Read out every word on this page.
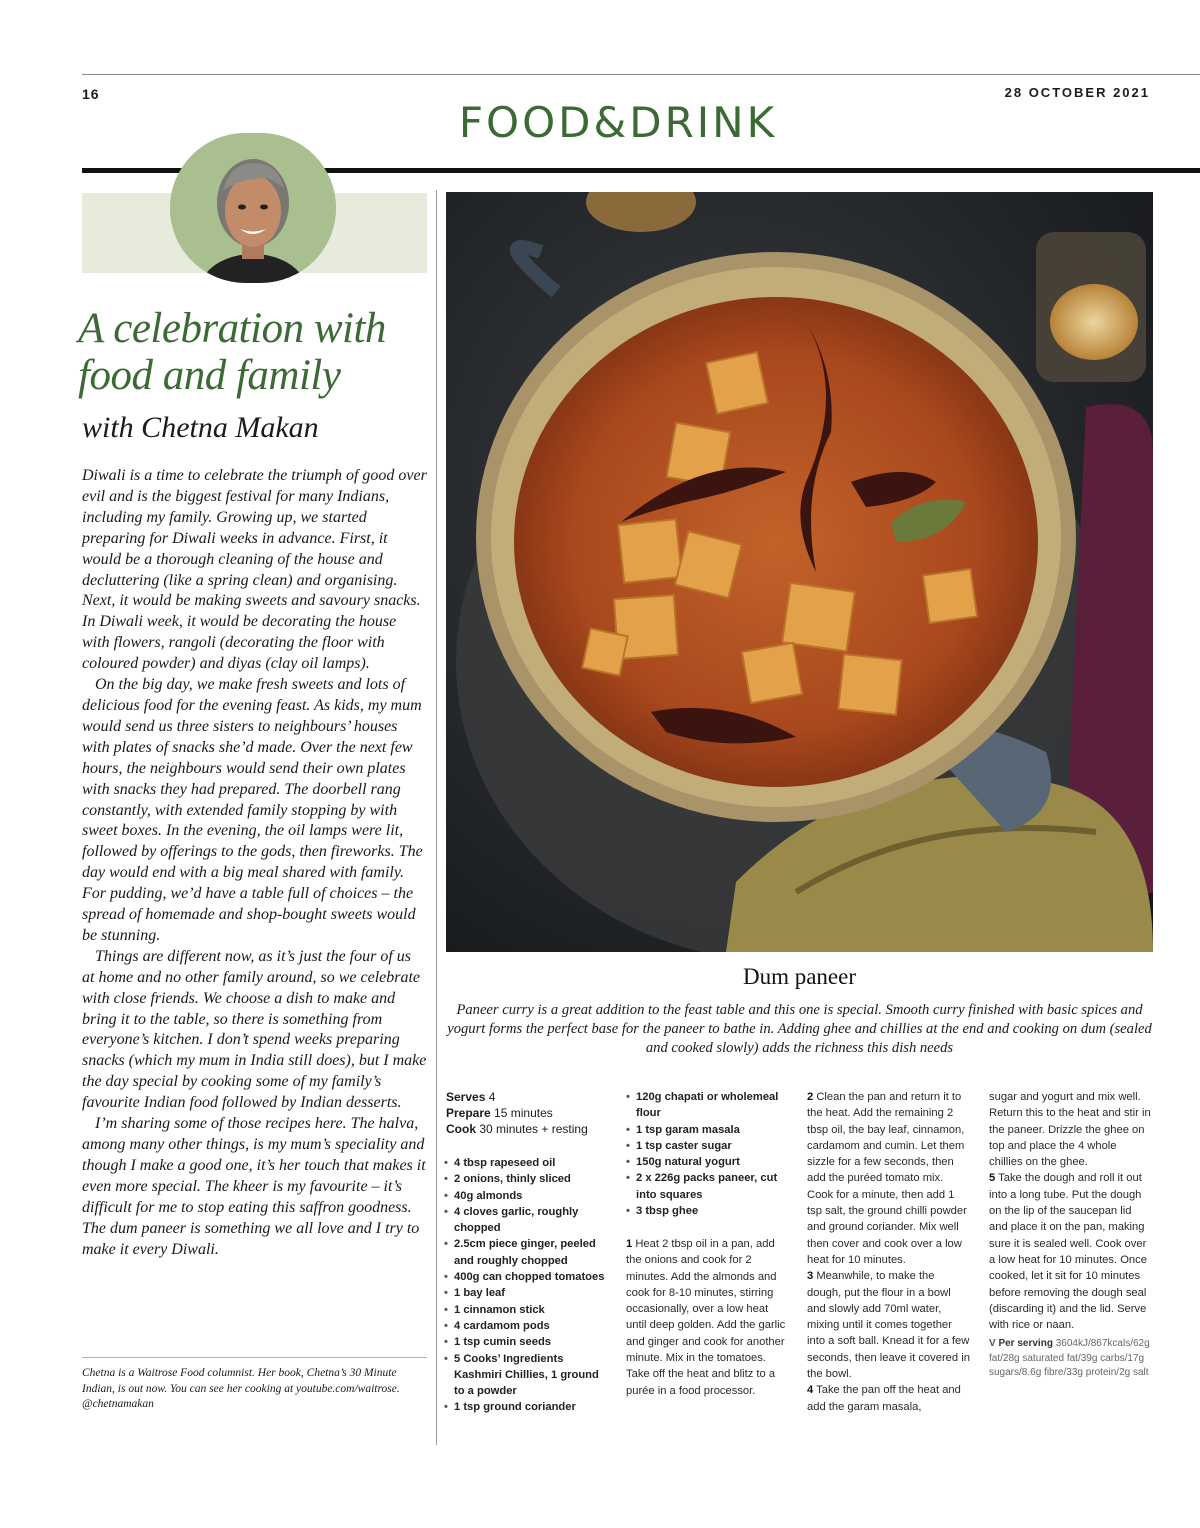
16	28 OCTOBER 2021
FOOD&DRINK
A celebration with
food and family
with Chetna Makan

Diwali is a time to celebrate the triumph of good over evil and is the biggest festival for many Indians, including my family. Growing up, we started preparing for Diwali weeks in advance. First, it would be a thorough cleaning of the house and decluttering (like a spring clean) and organising. Next, it would be making sweets and savoury snacks. In Diwali week, it would be decorating the house with flowers, rangoli (decorating the floor with coloured powder) and diyas (clay oil lamps).

On the big day, we make fresh sweets and lots of delicious food for the evening feast. As kids, my mum would send us three sisters to neighbours’ houses with plates of snacks she’d made. Over the next few hours, the neighbours would send their own plates with snacks they had prepared. The doorbell rang constantly, with extended family stopping by with sweet boxes. In the evening, the oil lamps were lit, followed by offerings to the gods, then fireworks. The day would end with a big meal shared with family. For pudding, we’d have a table full of choices – the spread of homemade and shop-bought sweets would be stunning.

Things are different now, as it’s just the four of us at home and no other family around, so we celebrate with close friends. We choose a dish to make and bring it to the table, so there is something from everyone’s kitchen. I don’t spend weeks preparing snacks (which my mum in India still does), but I make the day special by cooking some of my family’s favourite Indian food followed by Indian desserts.

I’m sharing some of those recipes here. The halva, among many other things, is my mum’s speciality and though I make a good one, it’s her touch that makes it even more special. The kheer is my favourite – it’s difficult for me to stop eating this saffron goodness. The dum paneer is something we all love and I try to make it every Diwali.

Chetna is a Waitrose Food columnist. Her book, Chetna’s 30 Minute Indian, is out now. You can see her cooking at youtube.com/waitrose. @chetnamakan
Dum paneer
Paneer curry is a great addition to the feast table and this one is special. Smooth curry finished with basic spices and yogurt forms the perfect base for the paneer to bathe in. Adding ghee and chillies at the end and cooking on dum (sealed and cooked slowly) adds the richness this dish needs
Serves 4
Prepare 15 minutes
Cook 30 minutes + resting
• 4 tbsp rapeseed oil
• 2 onions, thinly sliced
• 40g almonds
• 4 cloves garlic, roughly chopped
• 2.5cm piece ginger, peeled and roughly chopped
• 400g can chopped tomatoes
• 1 bay leaf
• 1 cinnamon stick
• 4 cardamom pods
• 1 tsp cumin seeds
• 5 Cooks’ Ingredients Kashmiri Chillies, 1 ground to a powder
• 1 tsp ground coriander
• 120g chapati or wholemeal flour
• 1 tsp garam masala
• 1 tsp caster sugar
• 150g natural yogurt
• 2 x 226g packs paneer, cut into squares
• 3 tbsp ghee

1 Heat 2 tbsp oil in a pan, add the onions and cook for 2 minutes. Add the almonds and cook for 8-10 minutes, stirring occasionally, over a low heat until deep golden. Add the garlic and ginger and cook for another minute. Mix in the tomatoes. Take off the heat and blitz to a purée in a food processor.

2 Clean the pan and return it to the heat. Add the remaining 2 tbsp oil, the bay leaf, cinnamon, cardamom and cumin. Let them sizzle for a few seconds, then add the puréed tomato mix. Cook for a minute, then add 1 tsp salt, the ground chilli powder and ground coriander. Mix well then cover and cook over a low heat for 10 minutes.

3 Meanwhile, to make the dough, put the flour in a bowl and slowly add 70ml water, mixing until it comes together into a soft ball. Knead it for a few seconds, then leave it covered in the bowl.

4 Take the pan off the heat and add the garam masala,

sugar and yogurt and mix well. Return this to the heat and stir in the paneer. Drizzle the ghee on top and place the 4 whole chillies on the ghee.

5 Take the dough and roll it out into a long tube. Put the dough on the lip of the saucepan lid and place it on the pan, making sure it is sealed well. Cook over a low heat for 10 minutes. Once cooked, let it sit for 10 minutes before removing the dough seal (discarding it) and the lid. Serve with rice or naan.

V Per serving 3604kJ/867kcals/62g fat/28g saturated fat/39g carbs/17g sugars/8.6g fibre/33g protein/2g salt
